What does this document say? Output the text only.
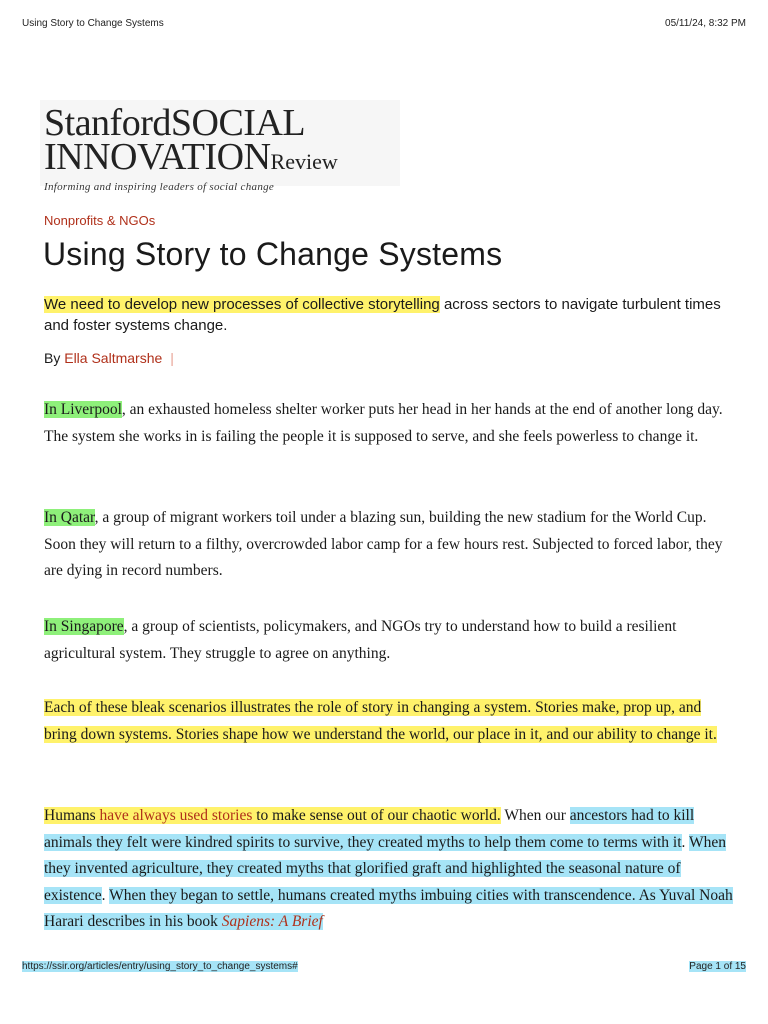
Using Story to Change Systems	05/11/24, 8:32 PM
StanfordSOCIAL
INNOVATIONReview
Informing and inspiring leaders of social change
Nonprofits & NGOs
Using Story to Change Systems

We need to develop new processes of collective storytelling across sectors to navigate turbulent times and foster systems change.

By Ella Saltmarshe |

In Liverpool, an exhausted homeless shelter worker puts her head in her hands at the end of another long day. The system she works in is failing the people it is supposed to serve, and she feels powerless to change it.

In Qatar, a group of migrant workers toil under a blazing sun, building the new stadium for the World Cup. Soon they will return to a filthy, overcrowded labor camp for a few hours rest. Subjected to forced labor, they are dying in record numbers.

In Singapore, a group of scientists, policymakers, and NGOs try to understand how to build a resilient agricultural system. They struggle to agree on anything.

Each of these bleak scenarios illustrates the role of story in changing a system. Stories make, prop up, and bring down systems. Stories shape how we understand the world, our place in it, and our ability to change it.

Humans have always used stories to make sense out of our chaotic world. When our ancestors had to kill animals they felt were kindred spirits to survive, they created myths to help them come to terms with it. When they invented agriculture, they created myths that glorified graft and highlighted the seasonal nature of existence. When they began to settle, humans created myths imbuing cities with transcendence. As Yuval Noah Harari describes in his book Sapiens: A Brief

https://ssir.org/articles/entry/using_story_to_change_systems#	Page 1 of 15
